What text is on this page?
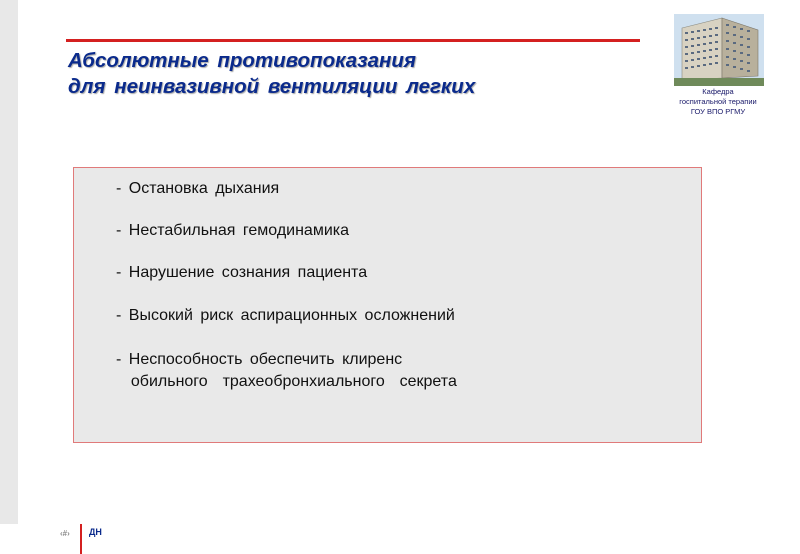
Абсолютные противопоказания
для неинвазивной вентиляции легких	Кафедра
госпитальной терапии
ГОУ ВПО РГМУ

- Остановка дыхания
- Нестабильная гемодинамика
- Нарушение сознания пациента
- Высокий риск аспирационных осложнений
- Неспособность обеспечить клиренс
обильного  трахеобронхиального  секрета
‹#› ДН
